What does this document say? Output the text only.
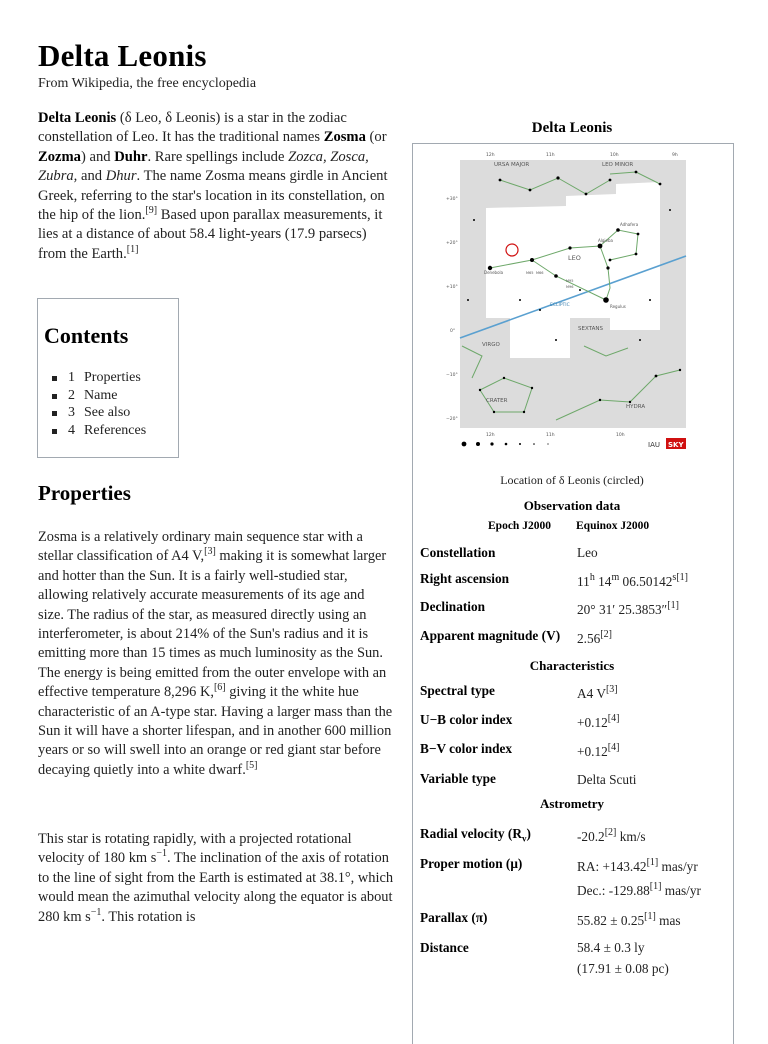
Delta Leonis
From Wikipedia, the free encyclopedia
Delta Leonis (δ Leo, δ Leonis) is a star in the zodiac constellation of Leo. It has the traditional names Zosma (or Zozma) and Duhr. Rare spellings include Zozca, Zosca, Zubra, and Dhur. The name Zosma means girdle in Ancient Greek, referring to the star's location in its constellation, on the hip of the lion.[9] Based upon parallax measurements, it lies at a distance of about 58.4 light-years (17.9 parsecs) from the Earth.[1]
Contents
1 Properties
2 Name
3 See also
4 References
Properties
Zosma is a relatively ordinary main sequence star with a stellar classification of A4 V,[3] making it is somewhat larger and hotter than the Sun. It is a fairly well-studied star, allowing relatively accurate measurements of its age and size. The radius of the star, as measured directly using an interferometer, is about 214% of the Sun's radius and it is emitting more than 15 times as much luminosity as the Sun. The energy is being emitted from the outer envelope with an effective temperature 8,296 K,[6] giving it the white hue characteristic of an A-type star. Having a larger mass than the Sun it will have a shorter lifespan, and in another 600 million years or so will swell into an orange or red giant star before decaying quietly into a white dwarf.[5]
This star is rotating rapidly, with a projected rotational velocity of 180 km $s^{-1}$. The inclination of the axis of rotation to the line of sight from the Earth is estimated at 38.1°, which would mean the azimuthal velocity along the equator is about 280 km $s^{-1}$. This rotation is
Delta Leonis
URSA MAJOR	LEO MINOR
LEO
SEXTANS
VIRGO
CRATER
HYDRA
ECLIPTIC
Denebola
Algieba
Regulus
Adhafera
M65 M66
M95
M96
12h	11h	10h	9h
12h	11h	10h
+30°
+20°
+10°
0°
−10°
−20°
IAU SKY
Location of δ Leonis (circled)
Observation data
Epoch J2000 Equinox J2000
Constellation	Leo
Right ascension	11$^h$ 14$^m$ $06.50142^{s[1]}$
Declination	20° 31′ 25.3853″[1]
Apparent magnitude (V) 2.56[2]
Characteristics
Spectral type	A4 V[3]
U−B color index	+0.12[4]
B−V color index	+0.12[4]
Variable type	Delta Scuti
Astrometry
Radial velocity $(R_v)$	-20.2[2] km/s
Proper motion (μ)	RA: +143.42[1] mas/yr
Dec.: -129.88[1] mas/yr
Parallax (π)	55.82 ± 0.25[1] mas
Distance	58.4 ± 0.3 ly
(17.91 ± 0.08 pc)
